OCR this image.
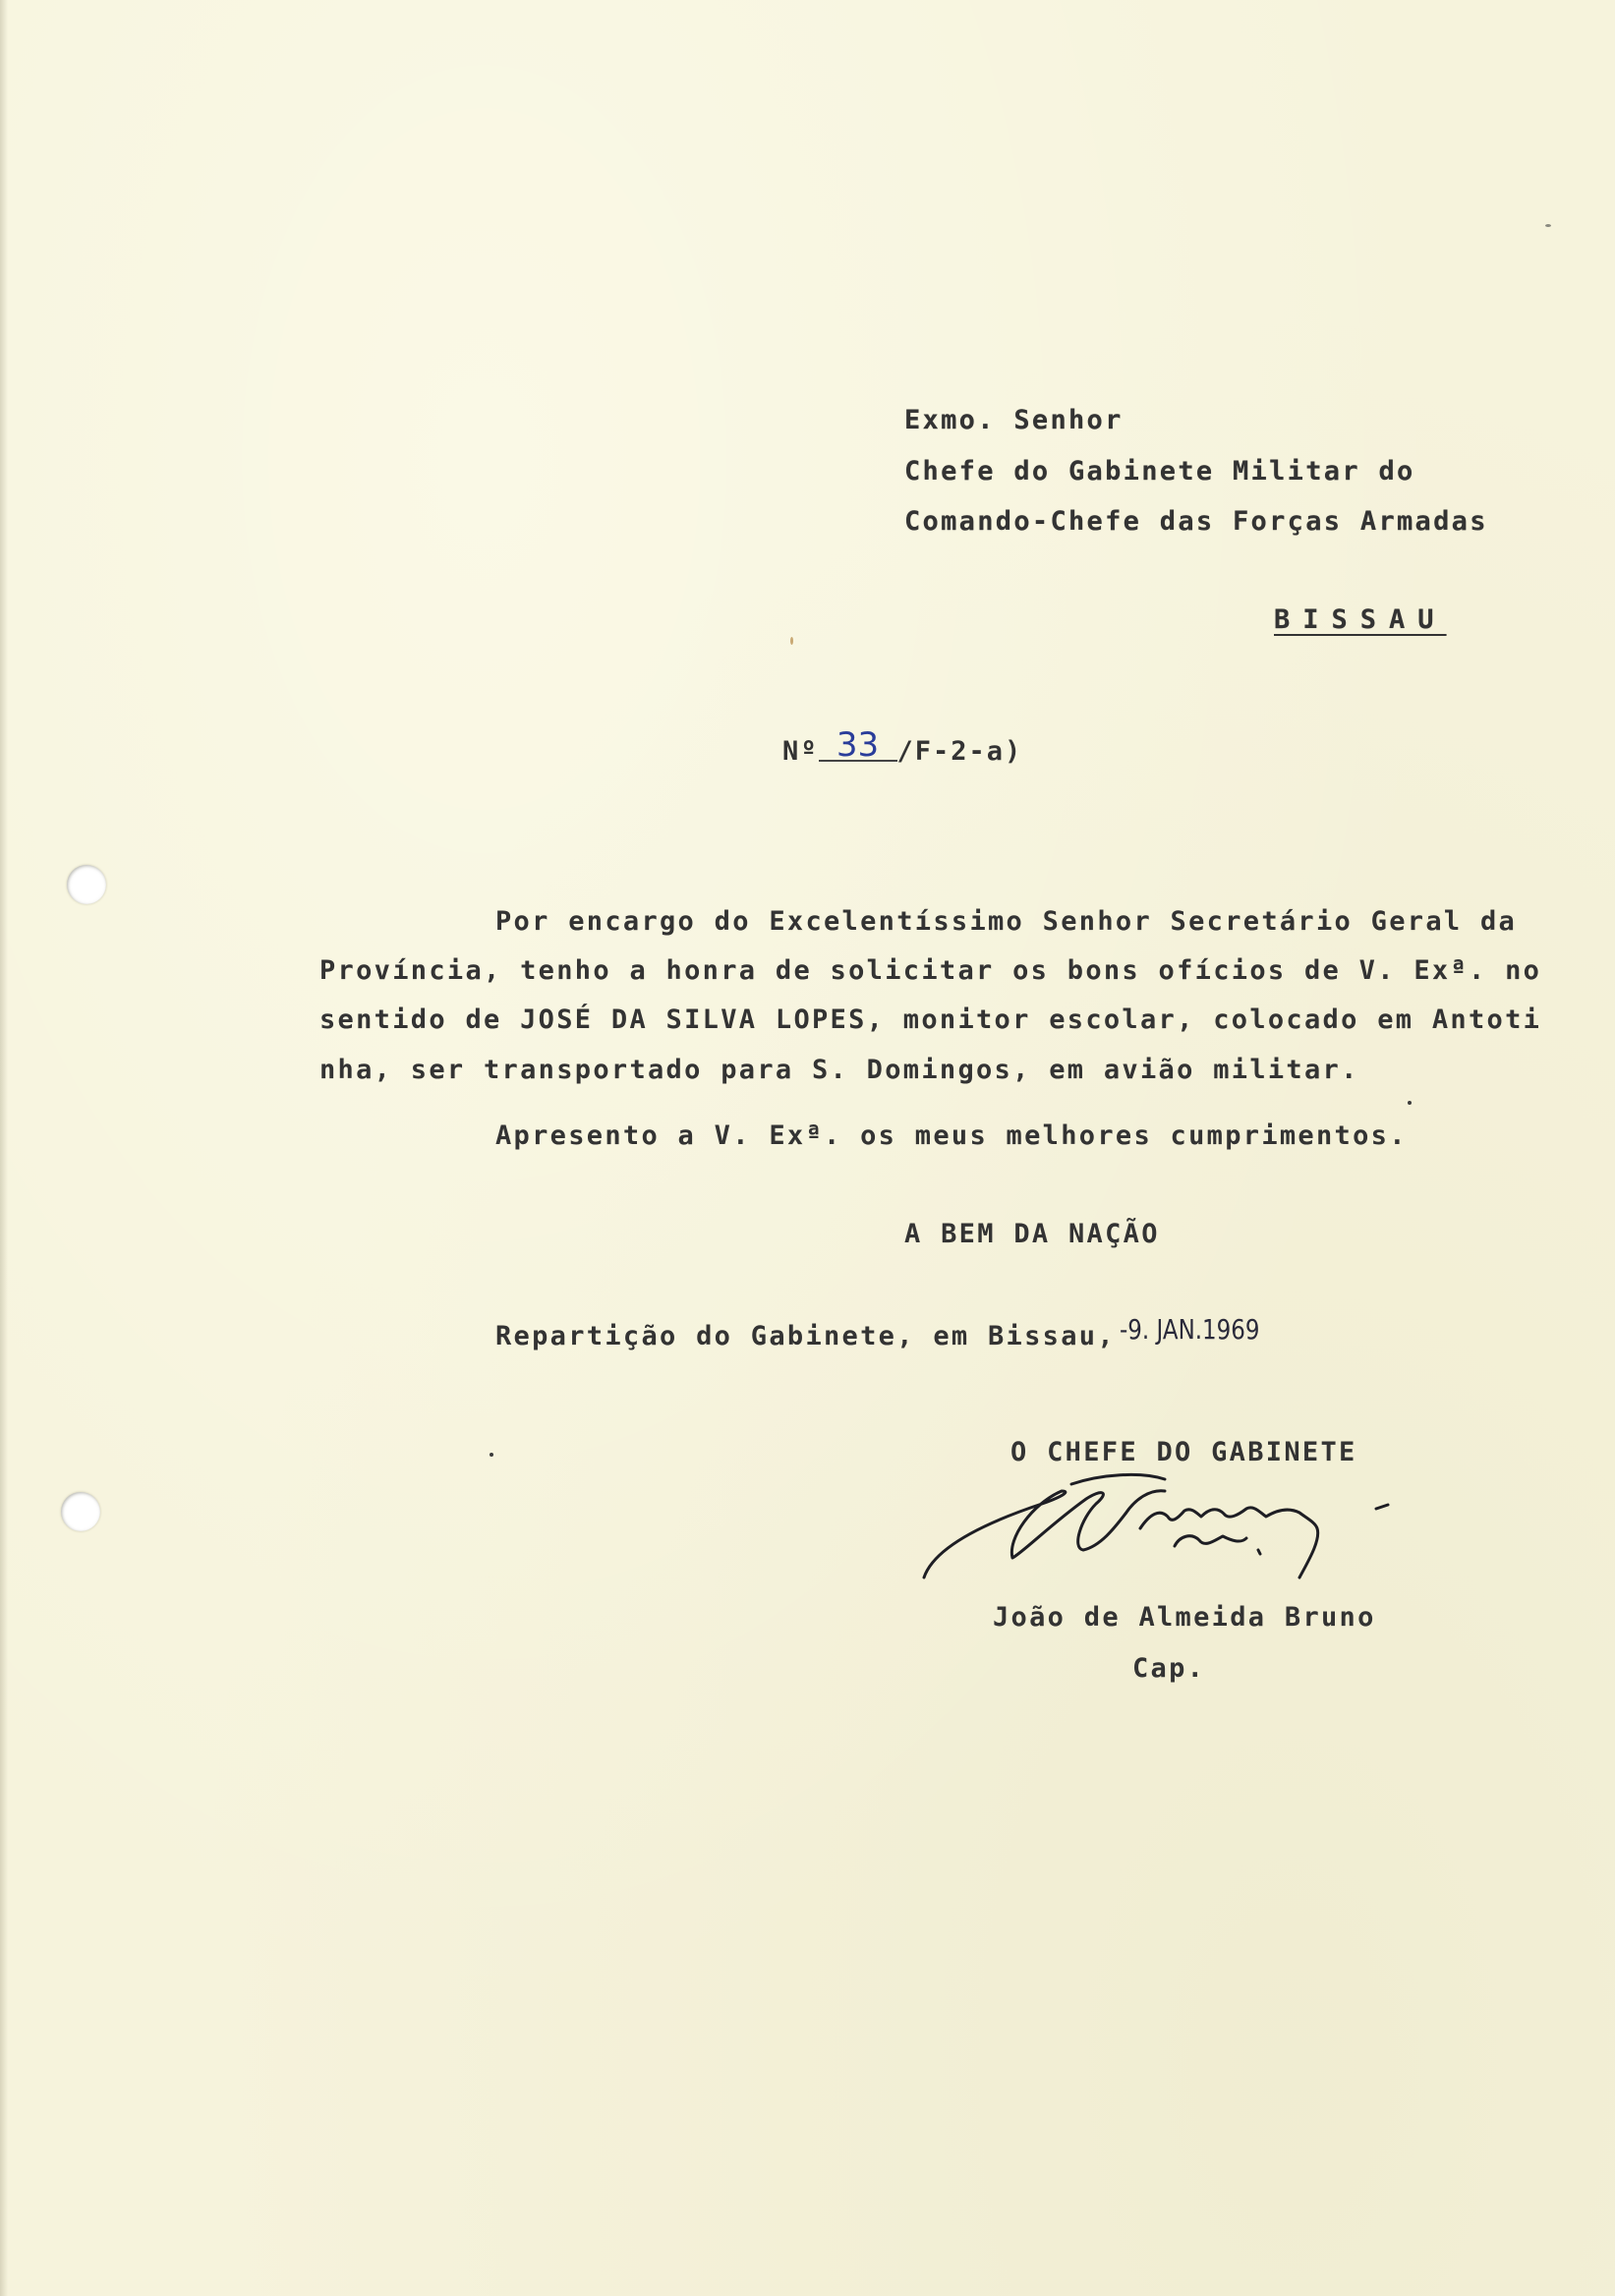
Exmo. Senhor
Chefe do Gabinete Militar do
Comando-Chefe das Forças Armadas
BISSAU
Nº 33 /F-2-a)
Por encargo do Excelentíssimo Senhor Secretário Geral da
Província, tenho a honra de solicitar os bons ofícios de V. Exª. no
sentido de JOSÉ DA SILVA LOPES, monitor escolar, colocado em Antoti
nha, ser transportado para S. Domingos, em avião militar.
Apresento a V. Exª. os meus melhores cumprimentos.
A BEM DA NAÇÃO
Repartição do Gabinete, em Bissau, -9. JAN.1969
O CHEFE DO GABINETE
João de Almeida Bruno
Cap.
